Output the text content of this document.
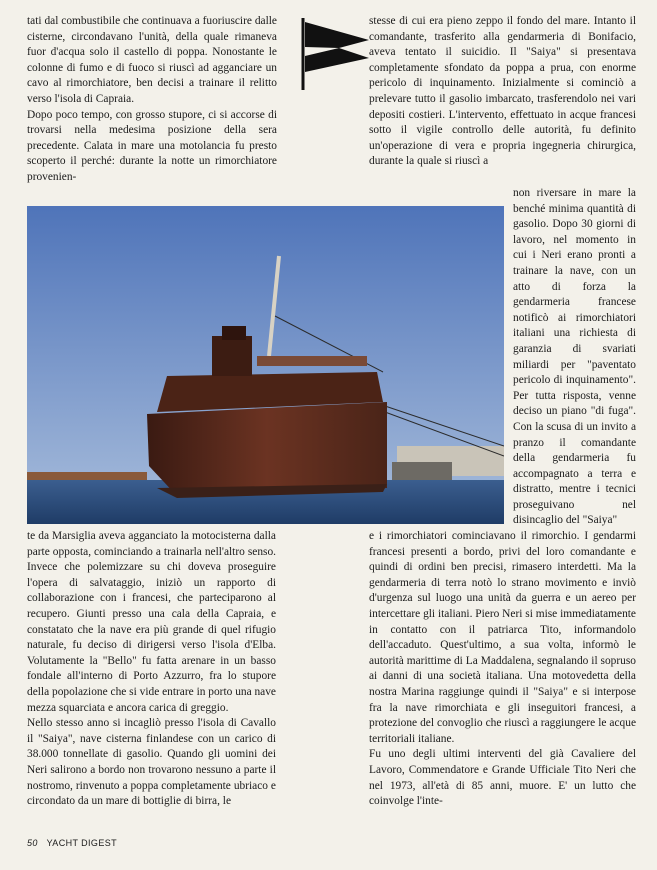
tati dal combustibile che continuava a fuoriuscire dalle cisterne, circondavano l'unità, della quale rimaneva fuor d'acqua solo il castello di poppa. Nonostante le colonne di fumo e di fuoco si riuscì ad agganciare un cavo al rimorchiatore, ben decisi a trainare il relitto verso l'isola di Capraia.

Dopo poco tempo, con grosso stupore, ci si accorse di trovarsi nella medesima posizione della sera precedente. Calata in mare una motolancia fu presto scoperto il perché: durante la notte un rimorchiatore provenien-

stesse di cui era pieno zeppo il fondo del mare. Intanto il comandante, trasferito alla gendarmeria di Bonifacio, aveva tentato il suicidio. Il "Saiya" si presentava completamente sfondato da poppa a prua, con enorme pericolo di inquinamento. Inizialmente si cominciò a prelevare tutto il gasolio imbarcato, trasferendolo nei vari depositi costieri. L'intervento, effettuato in acque francesi sotto il vigile controllo delle autorità, fu definito un'operazione di vera e propria ingegneria chirurgica, durante la quale si riuscì a

non riversare in mare la benché minima quantità di gasolio. Dopo 30 giorni di lavoro, nel momento in cui i Neri erano pronti a trainare la nave, con un atto di forza la gendarmeria francese notificò ai rimorchiatori italiani una richiesta di garanzia di svariati miliardi per "paventato pericolo di inquinamento". Per tutta risposta, venne deciso un piano "di fuga". Con la scusa di un invito a pranzo il comandante della gendarmeria fu accompagnato a terra e distratto, mentre i tecnici proseguivano nel disincaglio del "Saiya"

te da Marsiglia aveva agganciato la motocisterna dalla parte opposta, cominciando a trainarla nell'altro senso. Invece che polemizzare su chi doveva proseguire l'opera di salvataggio, iniziò un rapporto di collaborazione con i francesi, che parteciparono al recupero. Giunti presso una cala della Capraia, e constatato che la nave era più grande di quel rifugio naturale, fu deciso di dirigersi verso l'isola d'Elba. Volutamente la "Bello" fu fatta arenare in un basso fondale all'interno di Porto Azzurro, fra lo stupore della popolazione che si vide entrare in porto una nave mezza squarciata e ancora carica di greggio.

Nello stesso anno si incagliò presso l'isola di Cavallo il "Saiya", nave cisterna finlandese con un carico di 38.000 tonnellate di gasolio. Quando gli uomini dei Neri salirono a bordo non trovarono nessuno a parte il nostromo, rinvenuto a poppa completamente ubriaco e circondato da un mare di bottiglie di birra, le

e i rimorchiatori cominciavano il rimorchio. I gendarmi francesi presenti a bordo, privi del loro comandante e quindi di ordini ben precisi, rimasero interdetti. Ma la gendarmeria di terra notò lo strano movimento e inviò d'urgenza sul luogo una unità da guerra e un aereo per intercettare gli italiani. Piero Neri si mise immediatamente in contatto con il patriarca Tito, informandolo dell'accaduto. Quest'ultimo, a sua volta, informò le autorità marittime di La Maddalena, segnalando il sopruso ai danni di una società italiana. Una motovedetta della nostra Marina raggiunge quindi il "Saiya" e si interpose fra la nave rimorchiata e gli inseguitori francesi, a protezione del convoglio che riuscì a raggiungere le acque territoriali italiane.

Fu uno degli ultimi interventi del già Cavaliere del Lavoro, Commendatore e Grande Ufficiale Tito Neri che nel 1973, all'età di 85 anni, muore. E' un lutto che coinvolge l'inte-

50 YACHT DIGEST
